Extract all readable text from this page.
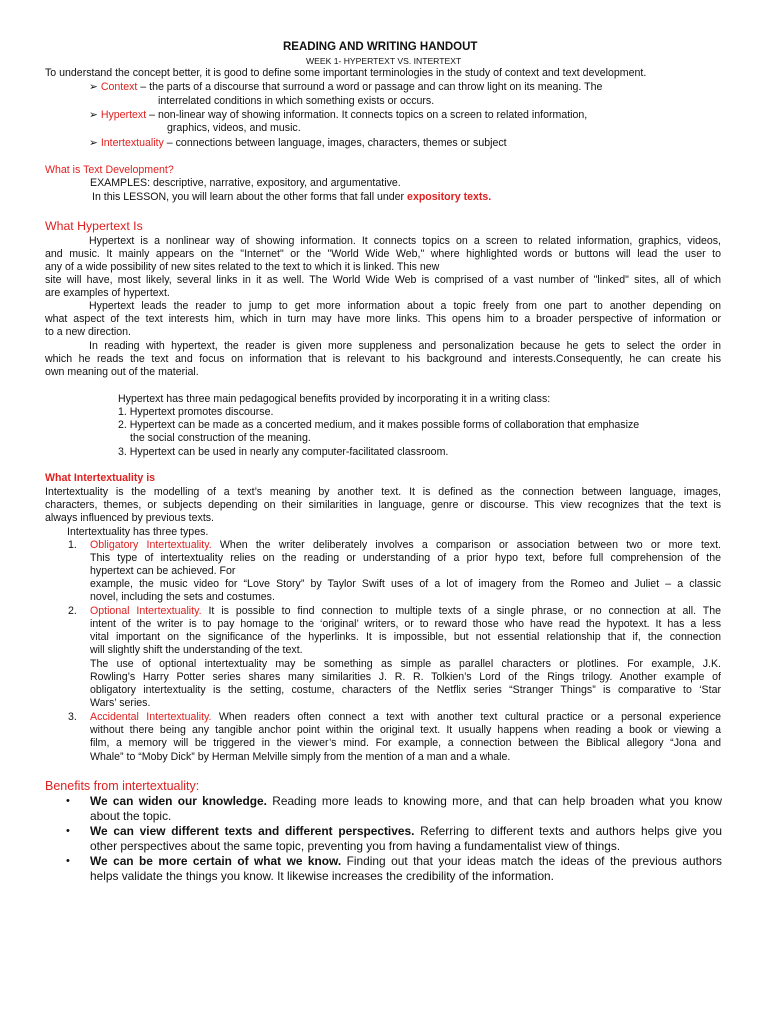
READING AND WRITING HANDOUT
WEEK 1- HYPERTEXT VS. INTERTEXT
To understand the concept better, it is good to define some important terminologies in the study of context and text development.
➢ Context – the parts of a discourse that surround a word or passage and can throw light on its meaning. The
interrelated conditions in which something exists or occurs.
➢ Hypertext – non-linear way of showing information. It connects topics on a screen to related information,
graphics, videos, and music.
➢ Intertextuality – connections between language, images, characters, themes or subject
What is Text Development?
EXAMPLES: descriptive, narrative, expository, and argumentative.
In this LESSON, you will learn about the other forms that fall under expository texts.
What Hypertext Is
Hypertext is a nonlinear way of showing information. It connects topics on a screen to related information, graphics, videos,
and music. It mainly appears on the "Internet" or the "World Wide Web," where highlighted words or buttons will lead the user to
any of a wide possibility of new sites related to the text to which it is linked. This new
site will have, most likely, several links in it as well. The World Wide Web is comprised of a vast number of "linked" sites, all of which
are examples of hypertext.
Hypertext leads the reader to jump to get more information about a topic freely from one part to another depending on
what aspect of the text interests him, which in turn may have more links. This opens him to a broader perspective of information or
to a new direction.
In reading with hypertext, the reader is given more suppleness and personalization because he gets to select the order in
which he reads the text and focus on information that is relevant to his background and interests.Consequently, he can create his
own meaning out of the material.
Hypertext has three main pedagogical benefits provided by incorporating it in a writing class:
1. Hypertext promotes discourse.
2. Hypertext can be made as a concerted medium, and it makes possible forms of collaboration that emphasize
the social construction of the meaning.
3. Hypertext can be used in nearly any computer-facilitated classroom.
What Intertextuality is
Intertextuality is the modelling of a text’s meaning by another text. It is defined as the connection between language, images,
characters, themes, or subjects depending on their similarities in language, genre or discourse. This view recognizes that the text is
always influenced by previous texts.
Intertextuality has three types.
1. Obligatory Intertextuality. When the writer deliberately involves a comparison or association between two or more text.
This type of intertextuality relies on the reading or understanding of a prior hypo text, before full comprehension of the
hypertext can be achieved. For
example, the music video for “Love Story” by Taylor Swift uses of a lot of imagery from the Romeo and Juliet – a classic
novel, including the sets and costumes.
2. Optional Intertextuality. It is possible to find connection to multiple texts of a single phrase, or no connection at all. The
intent of the writer is to pay homage to the ‘original’ writers, or to reward those who have read the hypotext. It has a less
vital important on the significance of the hyperlinks. It is impossible, but not essential relationship that if, the connection
will slightly shift the understanding of the text.
The use of optional intertextuality may be something as simple as parallel characters or plotlines. For example, J.K.
Rowling’s Harry Potter series shares many similarities J. R. R. Tolkien’s Lord of the Rings trilogy. Another example of
obligatory intertextuality is the setting, costume, characters of the Netflix series “Stranger Things” is comparative to ‘Star
Wars’ series.
3. Accidental Intertextuality. When readers often connect a text with another text cultural practice or a personal experience
without there being any tangible anchor point within the original text. It usually happens when reading a book or viewing a
film, a memory will be triggered in the viewer’s mind. For example, a connection between the Biblical allegory “Jona and
Whale” to “Moby Dick” by Herman Melville simply from the mention of a man and a whale.
Benefits from intertextuality:
• We can widen our knowledge. Reading more leads to knowing more, and that can help broaden what you know
about the topic.
• We can view different texts and different perspectives. Referring to different texts and authors helps give you
other perspectives about the same topic, preventing you from having a fundamentalist view of things.
• We can be more certain of what we know. Finding out that your ideas match the ideas of the previous authors
helps validate the things you know. It likewise increases the credibility of the information.
